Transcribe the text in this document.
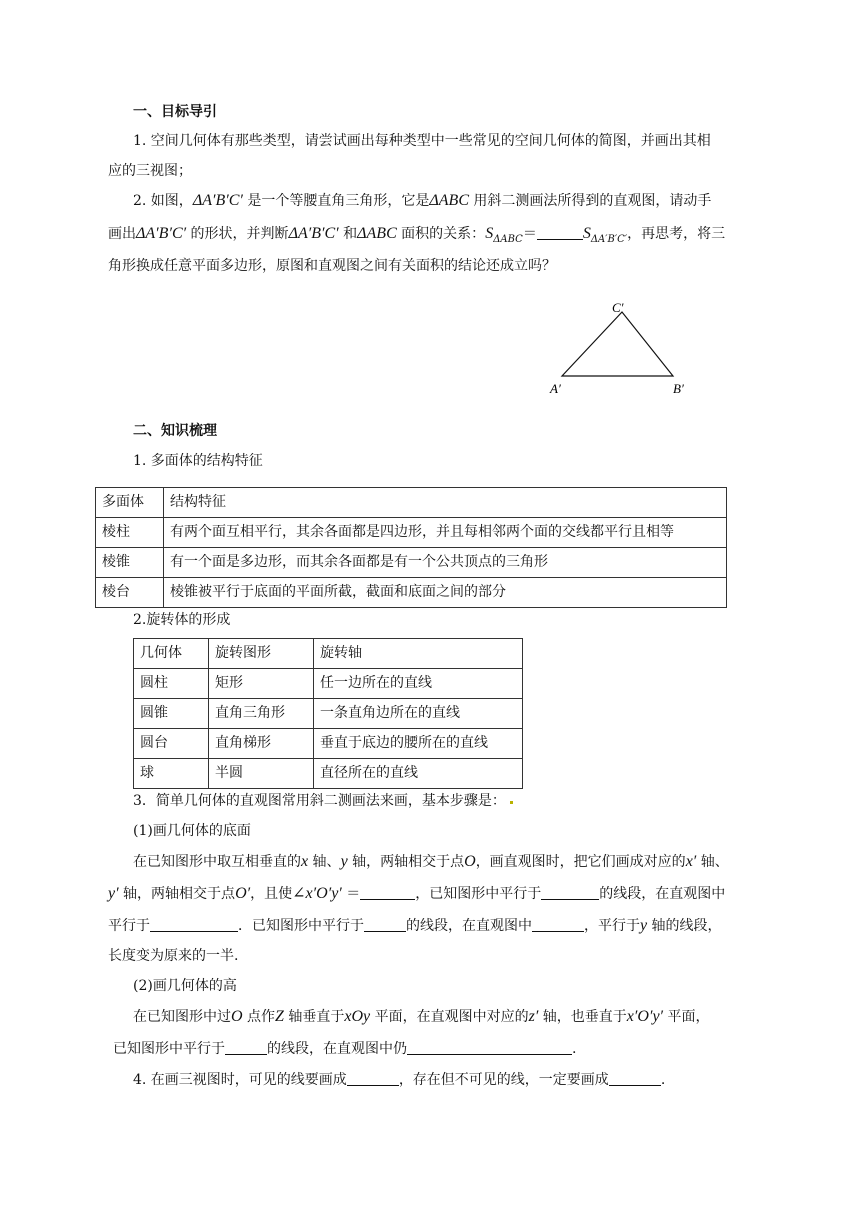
一、目标导引
1. 空间几何体有那些类型，请尝试画出每种类型中一些常见的空间几何体的简图，并画出其相
应的三视图；
2. 如图，ΔA′B′C′ 是一个等腰直角三角形，它是ΔABC 用斜二测画法所得到的直观图，请动手
画出ΔA′B′C′ 的形状，并判断ΔA′B′C′ 和ΔABC 面积的关系：$S_{\Delta ABC}=$	$S_{\Delta A'B'C'}$，再思考，将三
角形换成任意平面多边形，原图和直观图之间有关面积的结论还成立吗？
C′
A′	B′
二、知识梳理
1. 多面体的结构特征
多面体	结构特征
棱柱	有两个面互相平行，其余各面都是四边形，并且每相邻两个面的交线都平行且相等
棱锥	有一个面是多边形，而其余各面都是有一个公共顶点的三角形
棱台	棱锥被平行于底面的平面所截，截面和底面之间的部分
2.旋转体的形成
几何体	旋转图形	旋转轴
圆柱	矩形	任一边所在的直线
圆锥	直角三角形	一条直角边所在的直线
圆台	直角梯形	垂直于底边的腰所在的直线
球	半圆	直径所在的直线
3．简单几何体的直观图常用斜二测画法来画，基本步骤是：
(1)画几何体的底面
在已知图形中取互相垂直的x 轴、y 轴，两轴相交于点O，画直观图时，把它们画成对应的x′ 轴、
y′ 轴，两轴相交于点O′，且使∠x′O′y′ ＝	，已知图形中平行于	的线段，在直观图中
平行于	．已知图形中平行于	的线段，在直观图中	，平行于y 轴的线段，
长度变为原来的一半.
(2)画几何体的高
在已知图形中过O 点作Z 轴垂直于xOy 平面，在直观图中对应的z′ 轴，也垂直于x′O′y′ 平面，
已知图形中平行于	的线段，在直观图中仍	.
4. 在画三视图时，可见的线要画成	，存在但不可见的线，一定要画成	.
